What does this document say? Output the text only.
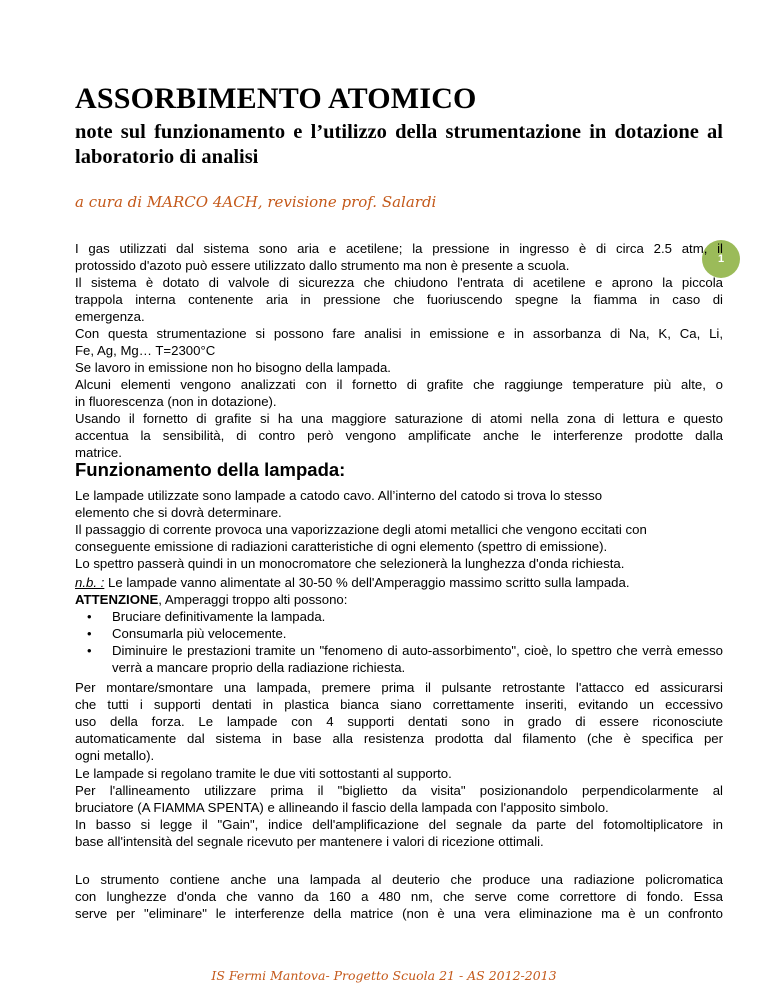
ASSORBIMENTO ATOMICO
note sul funzionamento e l’utilizzo della strumentazione in dotazione al laboratorio di analisi

a cura di MARCO 4ACH, revisione prof. Salardi

1
I gas utilizzati dal sistema sono aria e acetilene; la pressione in ingresso è di circa 2.5 atm, il
protossido d'azoto può essere utilizzato dallo strumento ma non è presente a scuola.
Il sistema è dotato di valvole di sicurezza che chiudono l'entrata di acetilene e aprono la piccola
trappola interna contenente aria in pressione che fuoriuscendo spegne la fiamma in caso di
emergenza.
Con questa strumentazione si possono fare analisi in emissione e in assorbanza di Na, K, Ca, Li,
Fe, Ag, Mg… T=2300°C
Se lavoro in emissione non ho bisogno della lampada.
Alcuni elementi vengono analizzati con il fornetto di grafite che raggiunge temperature più alte, o
in fluorescenza (non in dotazione).
Usando il fornetto di grafite si ha una maggiore saturazione di atomi nella zona di lettura e questo
accentua la sensibilità, di contro però vengono amplificate anche le interferenze prodotte dalla
matrice.
Funzionamento della lampada:
Le lampade utilizzate sono lampade a catodo cavo. All’interno del catodo si trova lo stesso
elemento che si dovrà determinare.
Il passaggio di corrente provoca una vaporizzazione degli atomi metallici che vengono eccitati con
conseguente emissione di radiazioni caratteristiche di ogni elemento (spettro di emissione).
Lo spettro passerà quindi in un monocromatore che selezionerà la lunghezza d'onda richiesta.
n.b. : Le lampade vanno alimentate al 30-50 % dell'Amperaggio massimo scritto sulla lampada.
ATTENZIONE, Amperaggi troppo alti possono:
• Bruciare definitivamente la lampada.
• Consumarla più velocemente.
• Diminuire le prestazioni tramite un "fenomeno di auto-assorbimento", cioè, lo spettro che verrà emesso verrà a mancare proprio della radiazione richiesta.
Per montare/smontare una lampada, premere prima il pulsante retrostante l'attacco ed assicurarsi
che tutti i supporti dentati in plastica bianca siano correttamente inseriti, evitando un eccessivo
uso della forza. Le lampade con 4 supporti dentati sono in grado di essere riconosciute
automaticamente dal sistema in base alla resistenza prodotta dal filamento (che è specifica per
ogni metallo).
Le lampade si regolano tramite le due viti sottostanti al supporto.
Per l'allineamento utilizzare prima il "biglietto da visita" posizionandolo perpendicolarmente al
bruciatore (A FIAMMA SPENTA) e allineando il fascio della lampada con l'apposito simbolo.
In basso si legge il "Gain", indice dell'amplificazione del segnale da parte del fotomoltiplicatore in
base all'intensità del segnale ricevuto per mantenere i valori di ricezione ottimali.
Lo strumento contiene anche una lampada al deuterio che produce una radiazione policromatica
con lunghezze d'onda che vanno da 160 a 480 nm, che serve come correttore di fondo. Essa
serve per "eliminare" le interferenze della matrice (non è una vera eliminazione ma è un confronto
IS Fermi Mantova- Progetto Scuola 21 - AS 2012-2013
